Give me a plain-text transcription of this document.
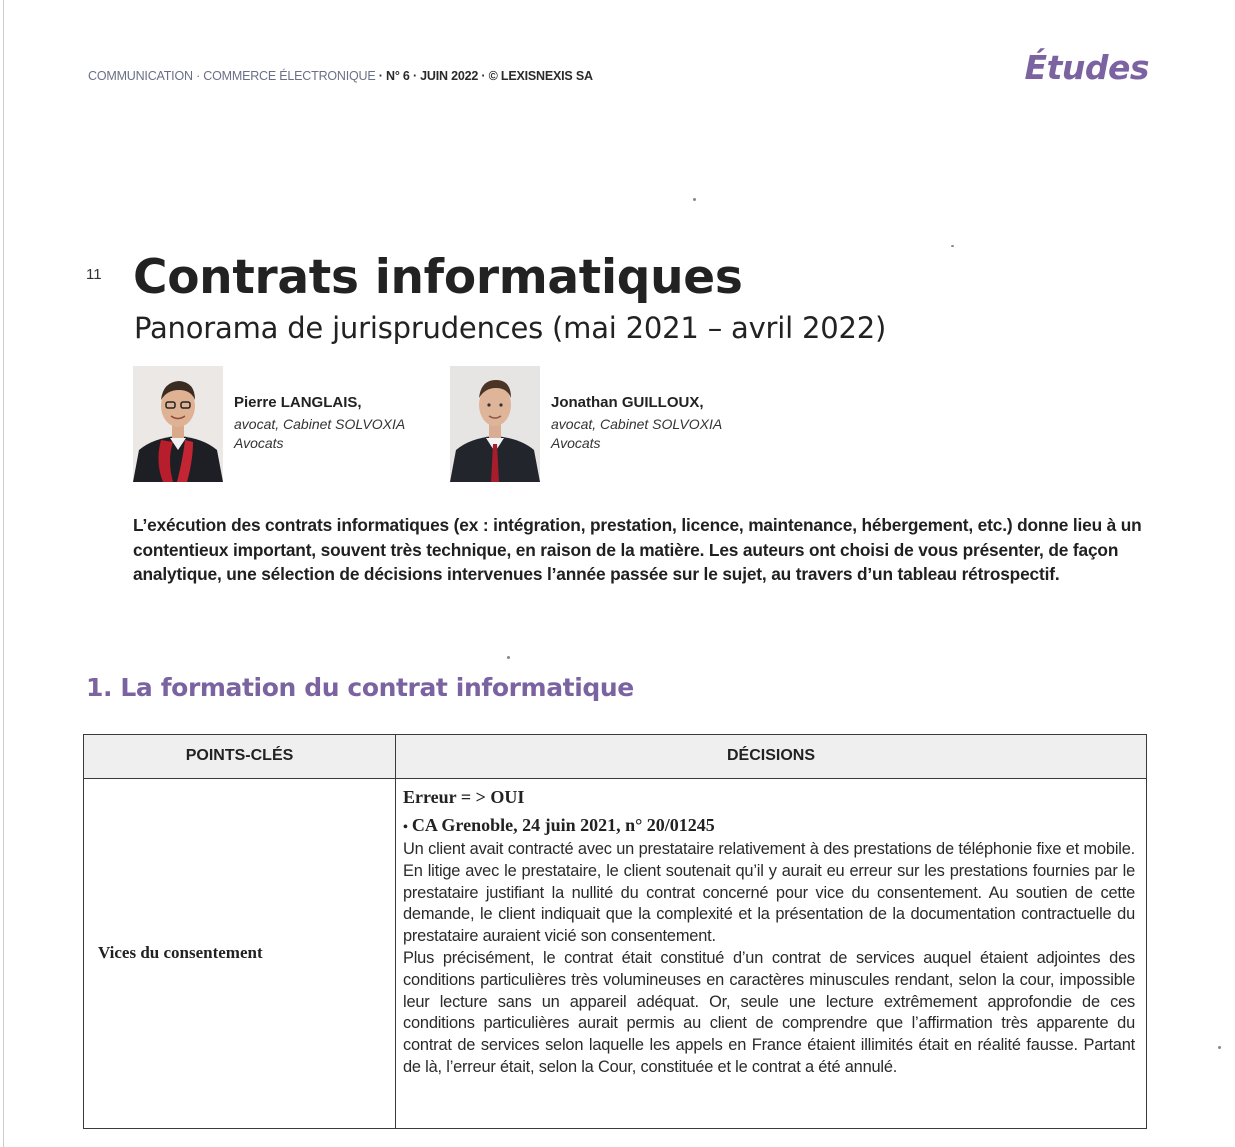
COMMUNICATION · COMMERCE ÉLECTRONIQUE · N° 6 · JUIN 2022 · © LEXISNEXIS SA	Études
11 Contrats informatiques
Panorama de jurisprudences (mai 2021 – avril 2022)
Pierre LANGLAIS,
avocat, Cabinet SOLVOXIA
Avocats
Jonathan GUILLOUX,
avocat, Cabinet SOLVOXIA
Avocats

L’exécution des contrats informatiques (ex : intégration, prestation, licence, maintenance, hébergement, etc.) donne lieu à un contentieux important, souvent très technique, en raison de la matière. Les auteurs ont choisi de vous présenter, de façon analytique, une sélection de décisions intervenues l’année passée sur le sujet, au travers d’un tableau rétrospectif.

1. La formation du contrat informatique
POINTS-CLÉS	DÉCISIONS
Vices du consentement
Erreur = > OUI
• CA Grenoble, 24 juin 2021, n° 20/01245

Un client avait contracté avec un prestataire relativement à des prestations de téléphonie fixe et mobile. En litige avec le prestataire, le client soutenait qu’il y aurait eu erreur sur les prestations fournies par le prestataire justifiant la nullité du contrat concerné pour vice du consentement. Au soutien de cette demande, le client indiquait que la complexité et la présentation de la documentation contractuelle du prestataire auraient vicié son consentement.

Plus précisément, le contrat était constitué d’un contrat de services auquel étaient adjointes des conditions particulières très volumineuses en caractères minuscules rendant, selon la cour, impossible leur lecture sans un appareil adéquat. Or, seule une lecture extrêmement approfondie de ces conditions particulières aurait permis au client de comprendre que l’affirmation très apparente du contrat de services selon laquelle les appels en France étaient illimités était en réalité fausse. Partant de là, l’erreur était, selon la Cour, constituée et le contrat a été annulé.
